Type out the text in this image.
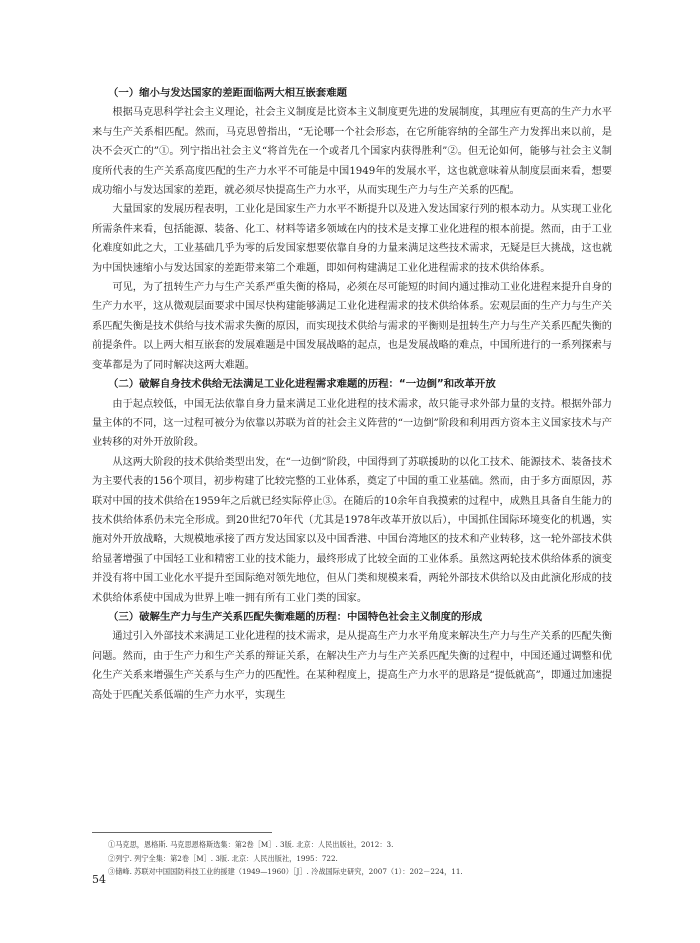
（一）缩小与发达国家的差距面临两大相互嵌套难题

根据马克思科学社会主义理论，社会主义制度是比资本主义制度更先进的发展制度，其理应有更高的生产力水平来与生产关系相匹配。然而，马克思曾指出，“无论哪一个社会形态，在它所能容纳的全部生产力发挥出来以前，是决不会灭亡的”①。列宁指出社会主义“将首先在一个或者几个国家内获得胜利”②。但无论如何，能够与社会主义制度所代表的生产关系高度匹配的生产力水平不可能是中国1949年的发展水平，这也就意味着从制度层面来看，想要成功缩小与发达国家的差距，就必须尽快提高生产力水平，从而实现生产力与生产关系的匹配。

大量国家的发展历程表明，工业化是国家生产力水平不断提升以及进入发达国家行列的根本动力。从实现工业化所需条件来看，包括能源、装备、化工、材料等诸多领域在内的技术是支撑工业化进程的根本前提。然而，由于工业化难度如此之大，工业基础几乎为零的后发国家想要依靠自身的力量来满足这些技术需求，无疑是巨大挑战，这也就为中国快速缩小与发达国家的差距带来第二个难题，即如何构建满足工业化进程需求的技术供给体系。

可见，为了扭转生产力与生产关系严重失衡的格局，必须在尽可能短的时间内通过推动工业化进程来提升自身的生产力水平，这从微观层面要求中国尽快构建能够满足工业化进程需求的技术供给体系。宏观层面的生产力与生产关系匹配失衡是技术供给与技术需求失衡的原因，而实现技术供给与需求的平衡则是扭转生产力与生产关系匹配失衡的前提条件。以上两大相互嵌套的发展难题是中国发展战略的起点，也是发展战略的难点，中国所进行的一系列探索与变革都是为了同时解决这两大难题。

（二）破解自身技术供给无法满足工业化进程需求难题的历程：“一边倒”和改革开放

由于起点较低，中国无法依靠自身力量来满足工业化进程的技术需求，故只能寻求外部力量的支持。根据外部力量主体的不同，这一过程可被分为依靠以苏联为首的社会主义阵营的“一边倒”阶段和利用西方资本主义国家技术与产业转移的对外开放阶段。

从这两大阶段的技术供给类型出发，在“一边倒”阶段，中国得到了苏联援助的以化工技术、能源技术、装备技术为主要代表的156个项目，初步构建了比较完整的工业体系，奠定了中国的重工业基础。然而，由于多方面原因，苏联对中国的技术供给在1959年之后就已经实际停止③。在随后的10余年自我摸索的过程中，成熟且具备自生能力的技术供给体系仍未完全形成。到20世纪70年代（尤其是1978年改革开放以后），中国抓住国际环境变化的机遇，实施对外开放战略，大规模地承接了西方发达国家以及中国香港、中国台湾地区的技术和产业转移，这一轮外部技术供给显著增强了中国轻工业和精密工业的技术能力，最终形成了比较全面的工业体系。虽然这两轮技术供给体系的演变并没有将中国工业化水平提升至国际绝对领先地位，但从门类和规模来看，两轮外部技术供给以及由此演化形成的技术供给体系使中国成为世界上唯一拥有所有工业门类的国家。

（三）破解生产力与生产关系匹配失衡难题的历程：中国特色社会主义制度的形成

通过引入外部技术来满足工业化进程的技术需求，是从提高生产力水平角度来解决生产力与生产关系的匹配失衡问题。然而，由于生产力和生产关系的辩证关系，在解决生产力与生产关系匹配失衡的过程中，中国还通过调整和优化生产关系来增强生产关系与生产力的匹配性。在某种程度上，提高生产力水平的思路是“提低就高”，即通过加速提高处于匹配关系低端的生产力水平，实现生

①马克思，恩格斯. 马克思恩格斯选集：第2卷［M］. 3版. 北京：人民出版社，2012：3.
②列宁. 列宁全集：第2卷［M］. 3版. 北京：人民出版社，1995：722.
③储峰. 苏联对中国国防科技工业的援建（1949—1960）［J］. 冷战国际史研究，2007（1）：202－224，11.
54
